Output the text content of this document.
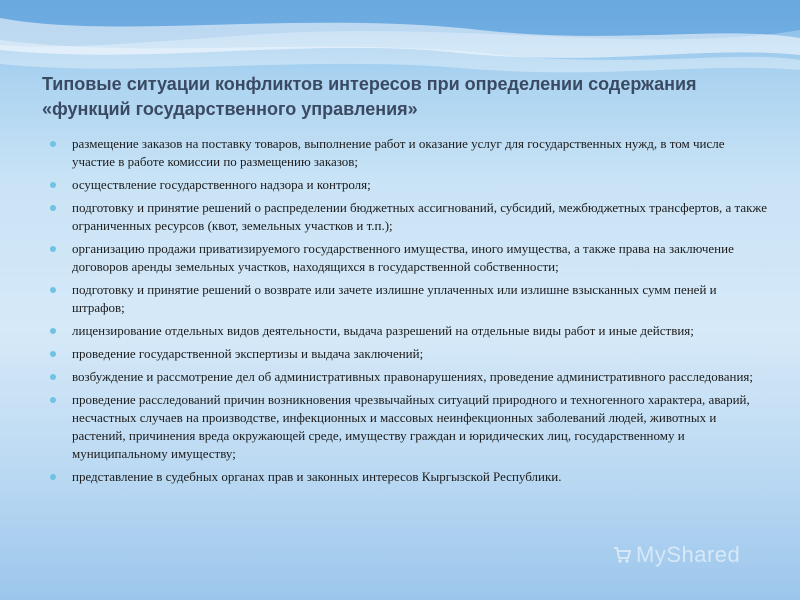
Типовые ситуации конфликтов интересов при определении содержания
«функций государственного управления»
размещение заказов на поставку товаров, выполнение работ и оказание услуг для государственных нужд, в том числе участие в работе комиссии по размещению заказов;
осуществление государственного надзора и контроля;
подготовку и принятие решений о распределении бюджетных ассигнований, субсидий, межбюджетных трансфертов, а также ограниченных ресурсов (квот, земельных участков и т.п.);
организацию продажи приватизируемого государственного имущества, иного имущества, а также права на заключение договоров аренды земельных участков, находящихся в государственной собственности;
подготовку и принятие решений о возврате или зачете излишне уплаченных или излишне взысканных сумм пеней и штрафов;
лицензирование отдельных видов деятельности, выдача разрешений на отдельные виды работ и иные действия;
проведение государственной экспертизы и выдача заключений;
возбуждение и рассмотрение дел об административных правонарушениях, проведение административного расследования;
проведение расследований причин возникновения чрезвычайных ситуаций природного и техногенного характера, аварий, несчастных случаев на производстве, инфекционных и массовых неинфекционных заболеваний людей, животных и растений, причинения вреда окружающей среде, имуществу граждан и юридических лиц, государственному и муниципальному имуществу;
представление в судебных органах прав и законных интересов Кыргызской Республики.
MyShared
